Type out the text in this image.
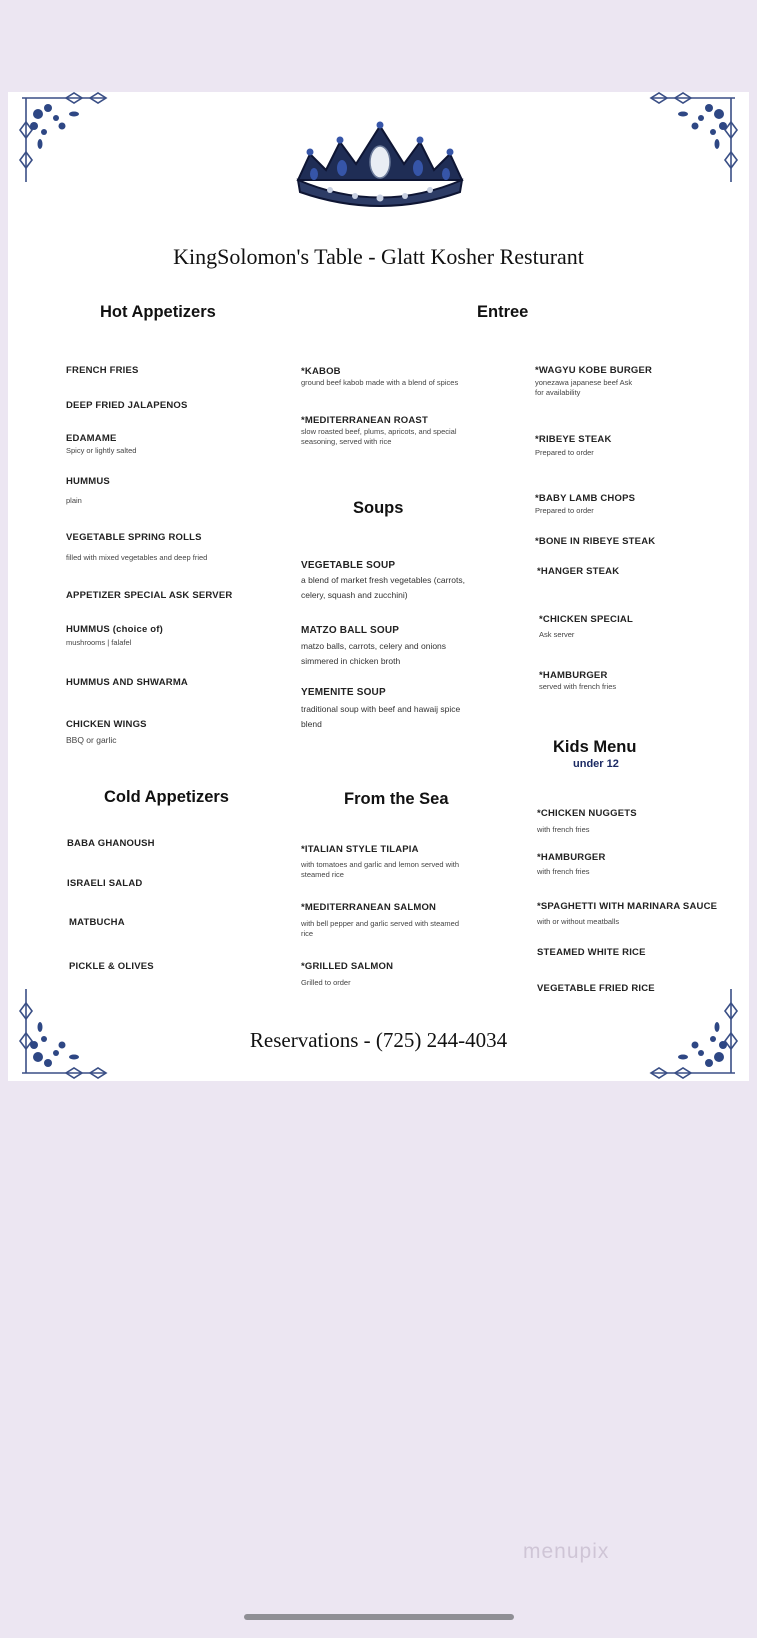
KingSolomon's Table - Glatt Kosher Resturant
Hot Appetizers	Entree
Soups
Kids Menu
under 12
Cold Appetizers	From the Sea
FRENCH FRIES
DEEP FRIED JALAPENOS
EDAMAME
Spicy or lightly salted
HUMMUS
plain
VEGETABLE SPRING ROLLS
filled with mixed vegetables and deep fried
APPETIZER SPECIAL ASK SERVER
HUMMUS (choice of)
mushrooms | falafel
HUMMUS AND SHWARMA
CHICKEN WINGS
BBQ or garlic
*KABOB
ground beef kabob made with a blend of spices
*MEDITERRANEAN ROAST
slow roasted beef, plums, apricots, and special seasoning, served with rice
VEGETABLE SOUP
a blend of market fresh vegetables (carrots, celery, squash and zucchini)
MATZO BALL SOUP
matzo balls, carrots, celery and onions simmered in chicken broth
YEMENITE SOUP
traditional soup with beef and hawaij spice blend
*WAGYU KOBE BURGER
yonezawa japanese beef Ask for availability
*RIBEYE STEAK
Prepared to order
*BABY LAMB CHOPS
Prepared to order
*BONE IN RIBEYE STEAK
*HANGER STEAK
*CHICKEN SPECIAL
Ask server
*HAMBURGER
served with french fries
BABA GHANOUSH
ISRAELI SALAD
MATBUCHA
PICKLE & OLIVES
*ITALIAN STYLE TILAPIA
with tomatoes and garlic and lemon served with steamed rice
*MEDITERRANEAN SALMON
with bell pepper and garlic served with steamed rice
*GRILLED SALMON
Grilled to order
*CHICKEN NUGGETS
with french fries
*HAMBURGER
with french fries
*SPAGHETTI WITH MARINARA SAUCE
with or without meatballs
STEAMED WHITE RICE
VEGETABLE FRIED RICE
Reservations - (725) 244-4034
menupix
